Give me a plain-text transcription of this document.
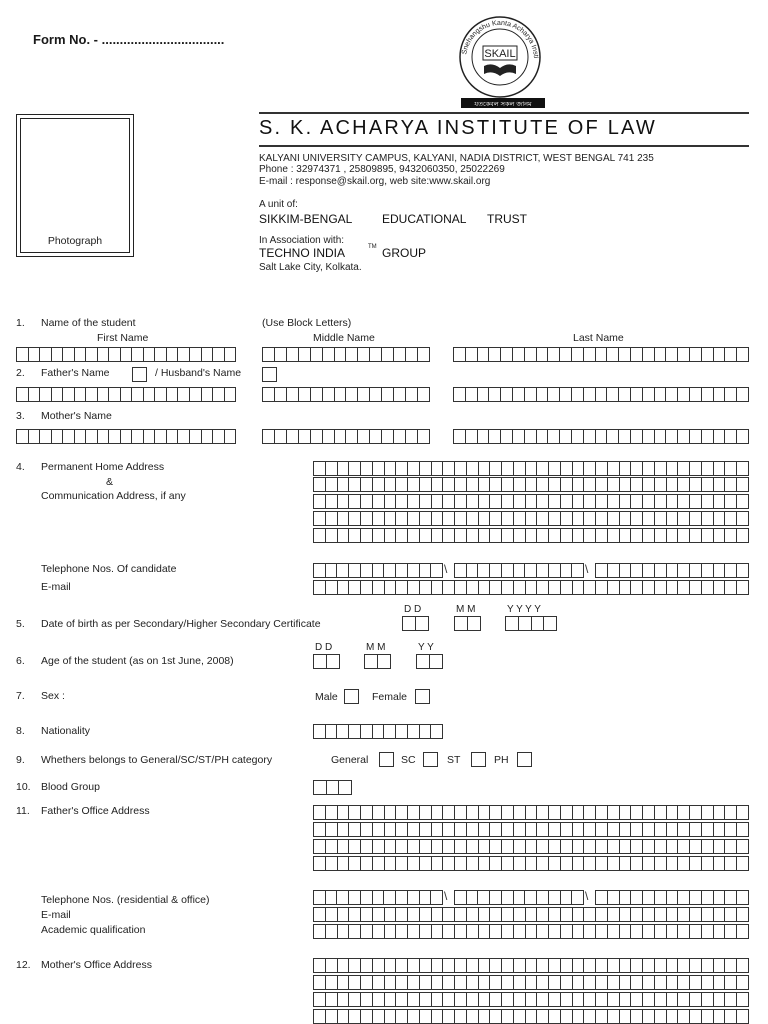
Form No. - ..................................
Snehangshu Kanta Acharya Insti
SKAIL
যতকেবল সকল জানম
Photograph
S. K. ACHARYA INSTITUTE OF LAW
KALYANI UNIVERSITY CAMPUS, KALYANI, NADIA DISTRICT, WEST BENGAL 741 235
Phone : 32974371 , 25809895, 9432060350, 25022269
E-mail : response@skail.org, web site:www.skail.org
A unit of:
SIKKIM-BENGAL EDUCATIONAL TRUST
In Association with:
TECHNO INDIA	TM GROUP
Salt Lake City, Kolkata.
1. Name of the student	(Use Block Letters)
First Name	Middle Name	Last Name
2. Father's Name	/ Husband's Name
3. Mother's Name
4. Permanent Home Address
&
Communication Address, if any
Telephone Nos. Of candidate	\	\
E-mail
D D	M M	Y Y Y Y
5. Date of birth as per Secondary/Higher Secondary Certificate
D D	M M	Y Y
6. Age of the student (as on 1st June, 2008)
7. Sex :	Male	Female
8. Nationality
9. Whethers belongs to General/SC/ST/PH category	General	SC	ST	PH
10. Blood Group
11. Father's Office Address
Telephone Nos. (residential & office)	\	\
E-mail
Academic qualification
12. Mother's Office Address
